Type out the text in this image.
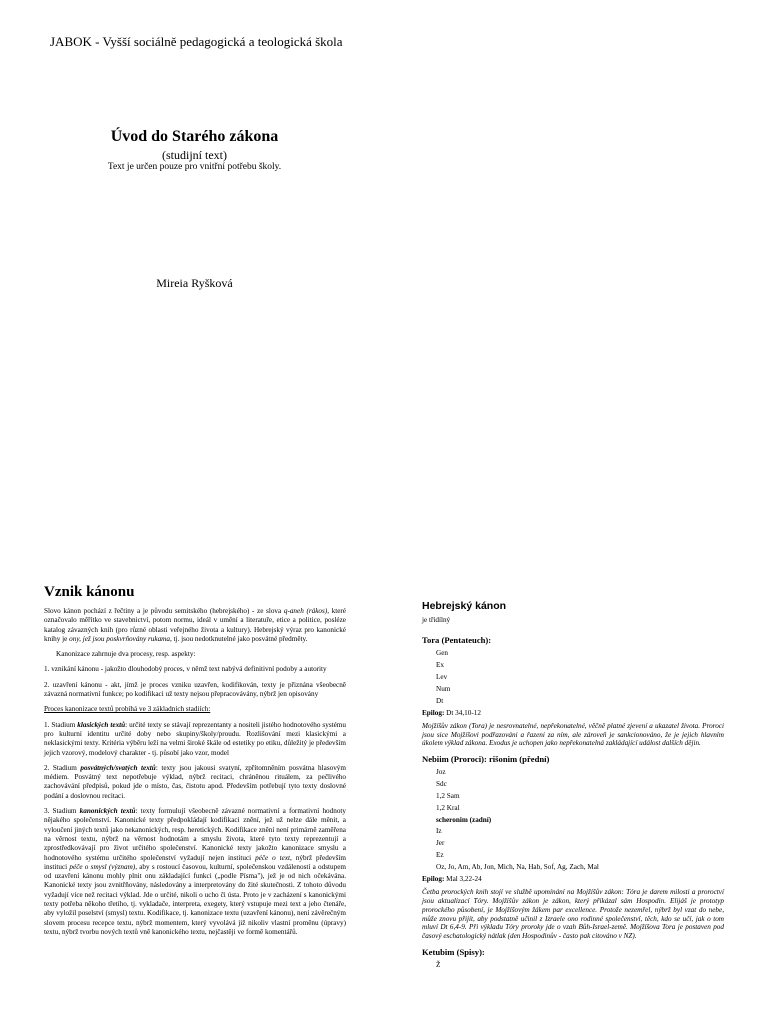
JABOK - Vyšší sociálně pedagogická a teologická škola
Úvod do Starého zákona
(studijní text)
Text je určen pouze pro vnitřní potřebu školy.
Mireia Ryšková
Vznik kánonu

Slovo kánon pochází z řečtiny a je původu semitského (hebrejského) - ze slova q-aneh (rákos), které označovalo měřítko ve stavebnictví, potom normu, ideál v umění a literatuře, etice a politice, posléze katalog závazných knih (pro různé oblasti veřejného života a kultury). Hebrejský výraz pro kanonické knihy je ony, jež jsou poskvrňovány rukama, tj. jsou nedotknutelné jako posvátné předměty.

Kanonizace zahrnuje dva procesy, resp. aspekty:

1. vznikání kánonu - jakožto dlouhodobý proces, v němž text nabývá definitivní podoby a autority

2. uzavření kánonu - akt, jímž je proces vzniku uzavřen, kodifikován, texty je přiznána všeobecně závazná normativní funkce; po kodifikaci už texty nejsou přepracovávány, nýbrž jen opisovány

Proces kanonizace textů probíhá ve 3 základních stadiích:

1. Stadium klasických textů: určité texty se stávají reprezentanty a nositeli jistého hodnotového systému pro kulturní identitu určité doby nebo skupiny/školy/proudu. Rozlišování mezi klasickými a neklasickými texty. Kritéria výběru leží na velmi široké škále od estetiky po etiku, důležitý je především jejich vzorový, modelový charakter - tj. působí jako vzor, model

2. Stadium posvátných/svatých textů: texty jsou jakousi svatyní, zpřítomněním posvátna hlasovým médiem. Posvátný text nepotřebuje výklad, nýbrž recitaci, chráněnou rituálem, za pečlivého zachovávání předpisů, pokud jde o místo, čas, čistotu apod. Především potřebují tyto texty doslovné podání a doslovnou recitaci.

3. Stadium kanonických textů: texty formulují všeobecně závazné normativní a formativní hodnoty nějakého společenství. Kanonické texty předpokládají kodifikaci znění, jež už nelze dále měnit, a vyloučení jiných textů jako nekanonických, resp. heretických. Kodifikace znění není primárně zaměřena na věrnost textu, nýbrž na věrnost hodnotám a smyslu života, které tyto texty reprezentují a zprostředkovávají pro život určitého společenství. Kanonické texty jakožto kanonizace smyslu a hodnotového systému určitého společenství vyžadují nejen instituci péče o text, nýbrž především instituci péče o smysl (význam), aby s rostoucí časovou, kulturní, společenskou vzdáleností a odstupem od uzavření kánonu mohly plnit onu základající funkci („podle Písma"), jež je od nich očekávána. Kanonické texty jsou zvnitřňovány, následovány a interpretovány do žité skutečnosti. Z tohoto důvodu vyžadují více než recitaci výklad. Jde o určité, nikoli o ucho či ústa. Proto je v zacházení s kanonickými texty potřeba někoho třetího, tj. vykladače, interpreta, exegety, který vstupuje mezi text a jeho čtenáře, aby vyložil poselství (smysl) textu. Kodifikace, tj. kanonizace textu (uzavření kánonu), není závěrečným slovem procesu recepce textu, nýbrž momentem, který vyvolává již nikoliv vlastní proměnu (úpravy) textu, nýbrž tvorbu nových textů vně kanonického textu, nejčastěji ve formě komentářů.

Hebrejský kánon
je třídílný
Tora (Pentateuch):
Gen
Ex
Lev
Num
Dt
Epilog: Dt 34,10-12
Mojžíšův zákon (Tora) je nesrovnatelné, nepřekonatelné, věčně platné zjevení a ukazatel života. Proroci jsou sice Mojžíšovi podřazováni a řazeni za ním, ale zároveň je sankcionováno, že je jejich hlavním úkolem výklad zákona. Exodus je uchopen jako nepřekonatelná zakládající událost dalších dějin.
Nebiim (Proroci): rišonim (přední)
Joz
Sdc
1,2 Sam
1,2 Kral
scheronim (zadní)
Iz
Jer
Ez
Oz, Jo, Am, Ab, Jon, Mich, Na, Hab, Sof, Ag, Zach, Mal
Epilog: Mal 3,22-24
Četba prorockých knih stojí ve službě upomínání na Mojžíšův zákon: Tóra je darem milosti a proroctví jsou aktualizací Tóry. Mojžíšův zákon je zákon, který přikázal sám Hospodin. Elijáš je prototyp prorockého působení, je Mojžíšovým žákem par excellence. Protože nezemřel, nýbrž byl vzat do nebe, může znovu přijít, aby podstatně učinil z Izraele ono rodinné společenství, těch, kdo se učí, jak o tom mluví Dt 6,4-9. Při výkladu Tóry proroky jde o vzah Bůh-Israel-země. Mojžíšova Tora je postaven pod časový eschatologický nátlak (den Hospodinův - často pak citováno v NZ).
Ketubim (Spisy):
Ž
